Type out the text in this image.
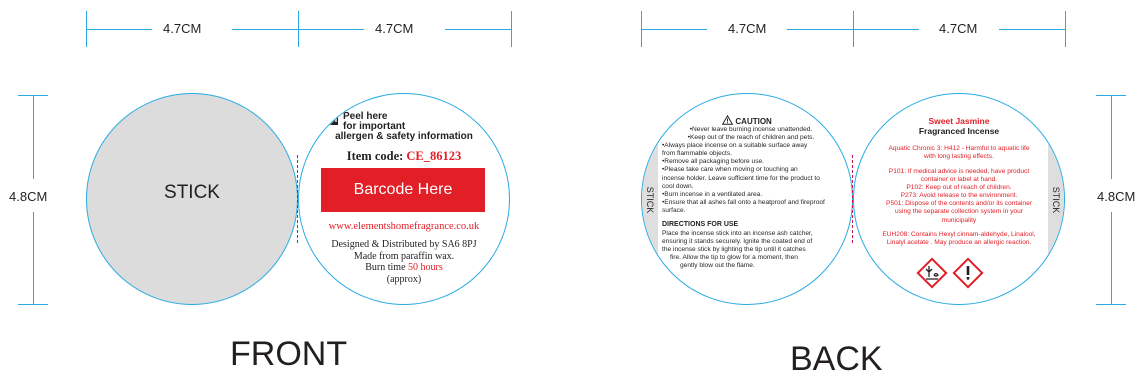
4.7CM	4.7CM
4.8CM	STICK
Peel here
for important
allergen & safety information
Item code: CE_86123
Barcode Here
www.elementshomefragrance.co.uk
Designed & Distributed by SA6 8PJ
Made from paraffin wax.
Burn time 50 hours
(approx)
FRONT
4.7CM	4.7CM
4.8CM
STICK
CAUTION
•Never leave burning incense unattended.
•Keep out of the reach of children and pets.
•Always place incense on a suitable surface away
from flammable objects.
•Remove all packaging before use.
•Please take care when moving or touching an
incense holder. Leave sufficient time for the product to
cool down.
•Burn incense in a ventilated area.
•Ensure that all ashes fall onto a heatproof and fireproof
surface.
DIRECTIONS FOR USE
Place the incense stick into an incense ash catcher,
ensuring it stands securely. Ignite the coated end of
the incense stick by lighting the tip until it catches
fire. Allow the tip to glow for a moment, then
gently blow out the flame.
STICK
Sweet Jasmine
Fragranced Incense
Aquatic Chronic 3: H412 - Harmful to aquatic life
with long lasting effects.
P101: If medical advice is needed, have product
container or label at hand.
P102: Keep out of reach of children.
P273: Avoid release to the environment.
P501: Dispose of the contents and/or its container
using the separate collection system in your
municipality
EUH208: Contains Hexyl cinnam-aldehyde, Linalool,
Linalyl acetate . May produce an allergic reaction.
BACK
